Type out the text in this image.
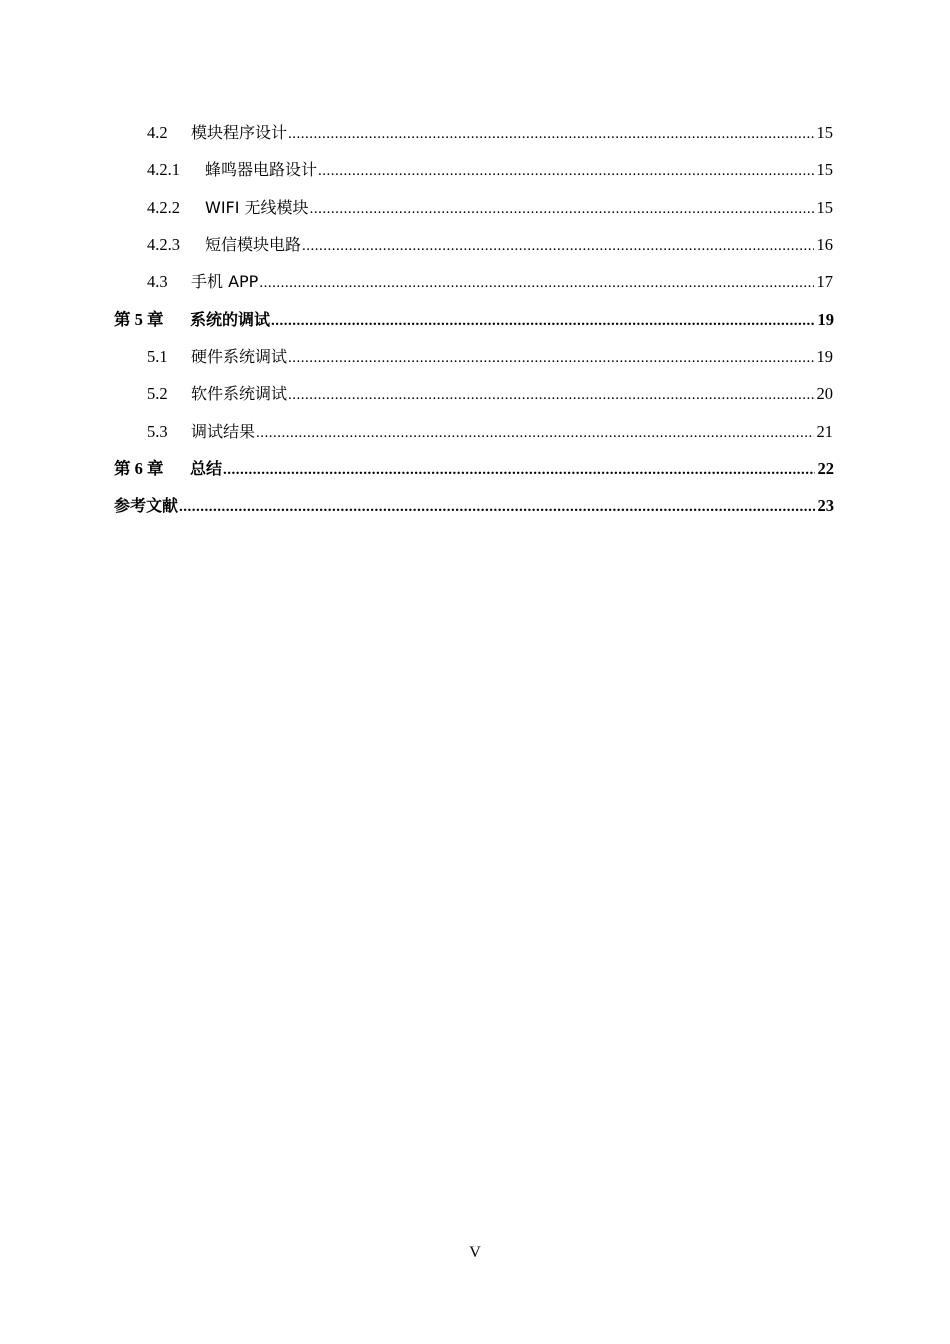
4.2	模块程序设计 .....	15
4.2.1	蜂鸣器电路设计 .....	15
4.2.2	WIFI 无线模块 .....	15
4.2.3	短信模块电路 .....	16
4.3	手机 APP .....	17
第 5 章	系统的调试 .....	19
5.1	硬件系统调试 .....	19
5.2	软件系统调试 .....	20
5.3	调试结果 .....	21
第 6 章	总结 .....	22
参考文献 .....	23
V
